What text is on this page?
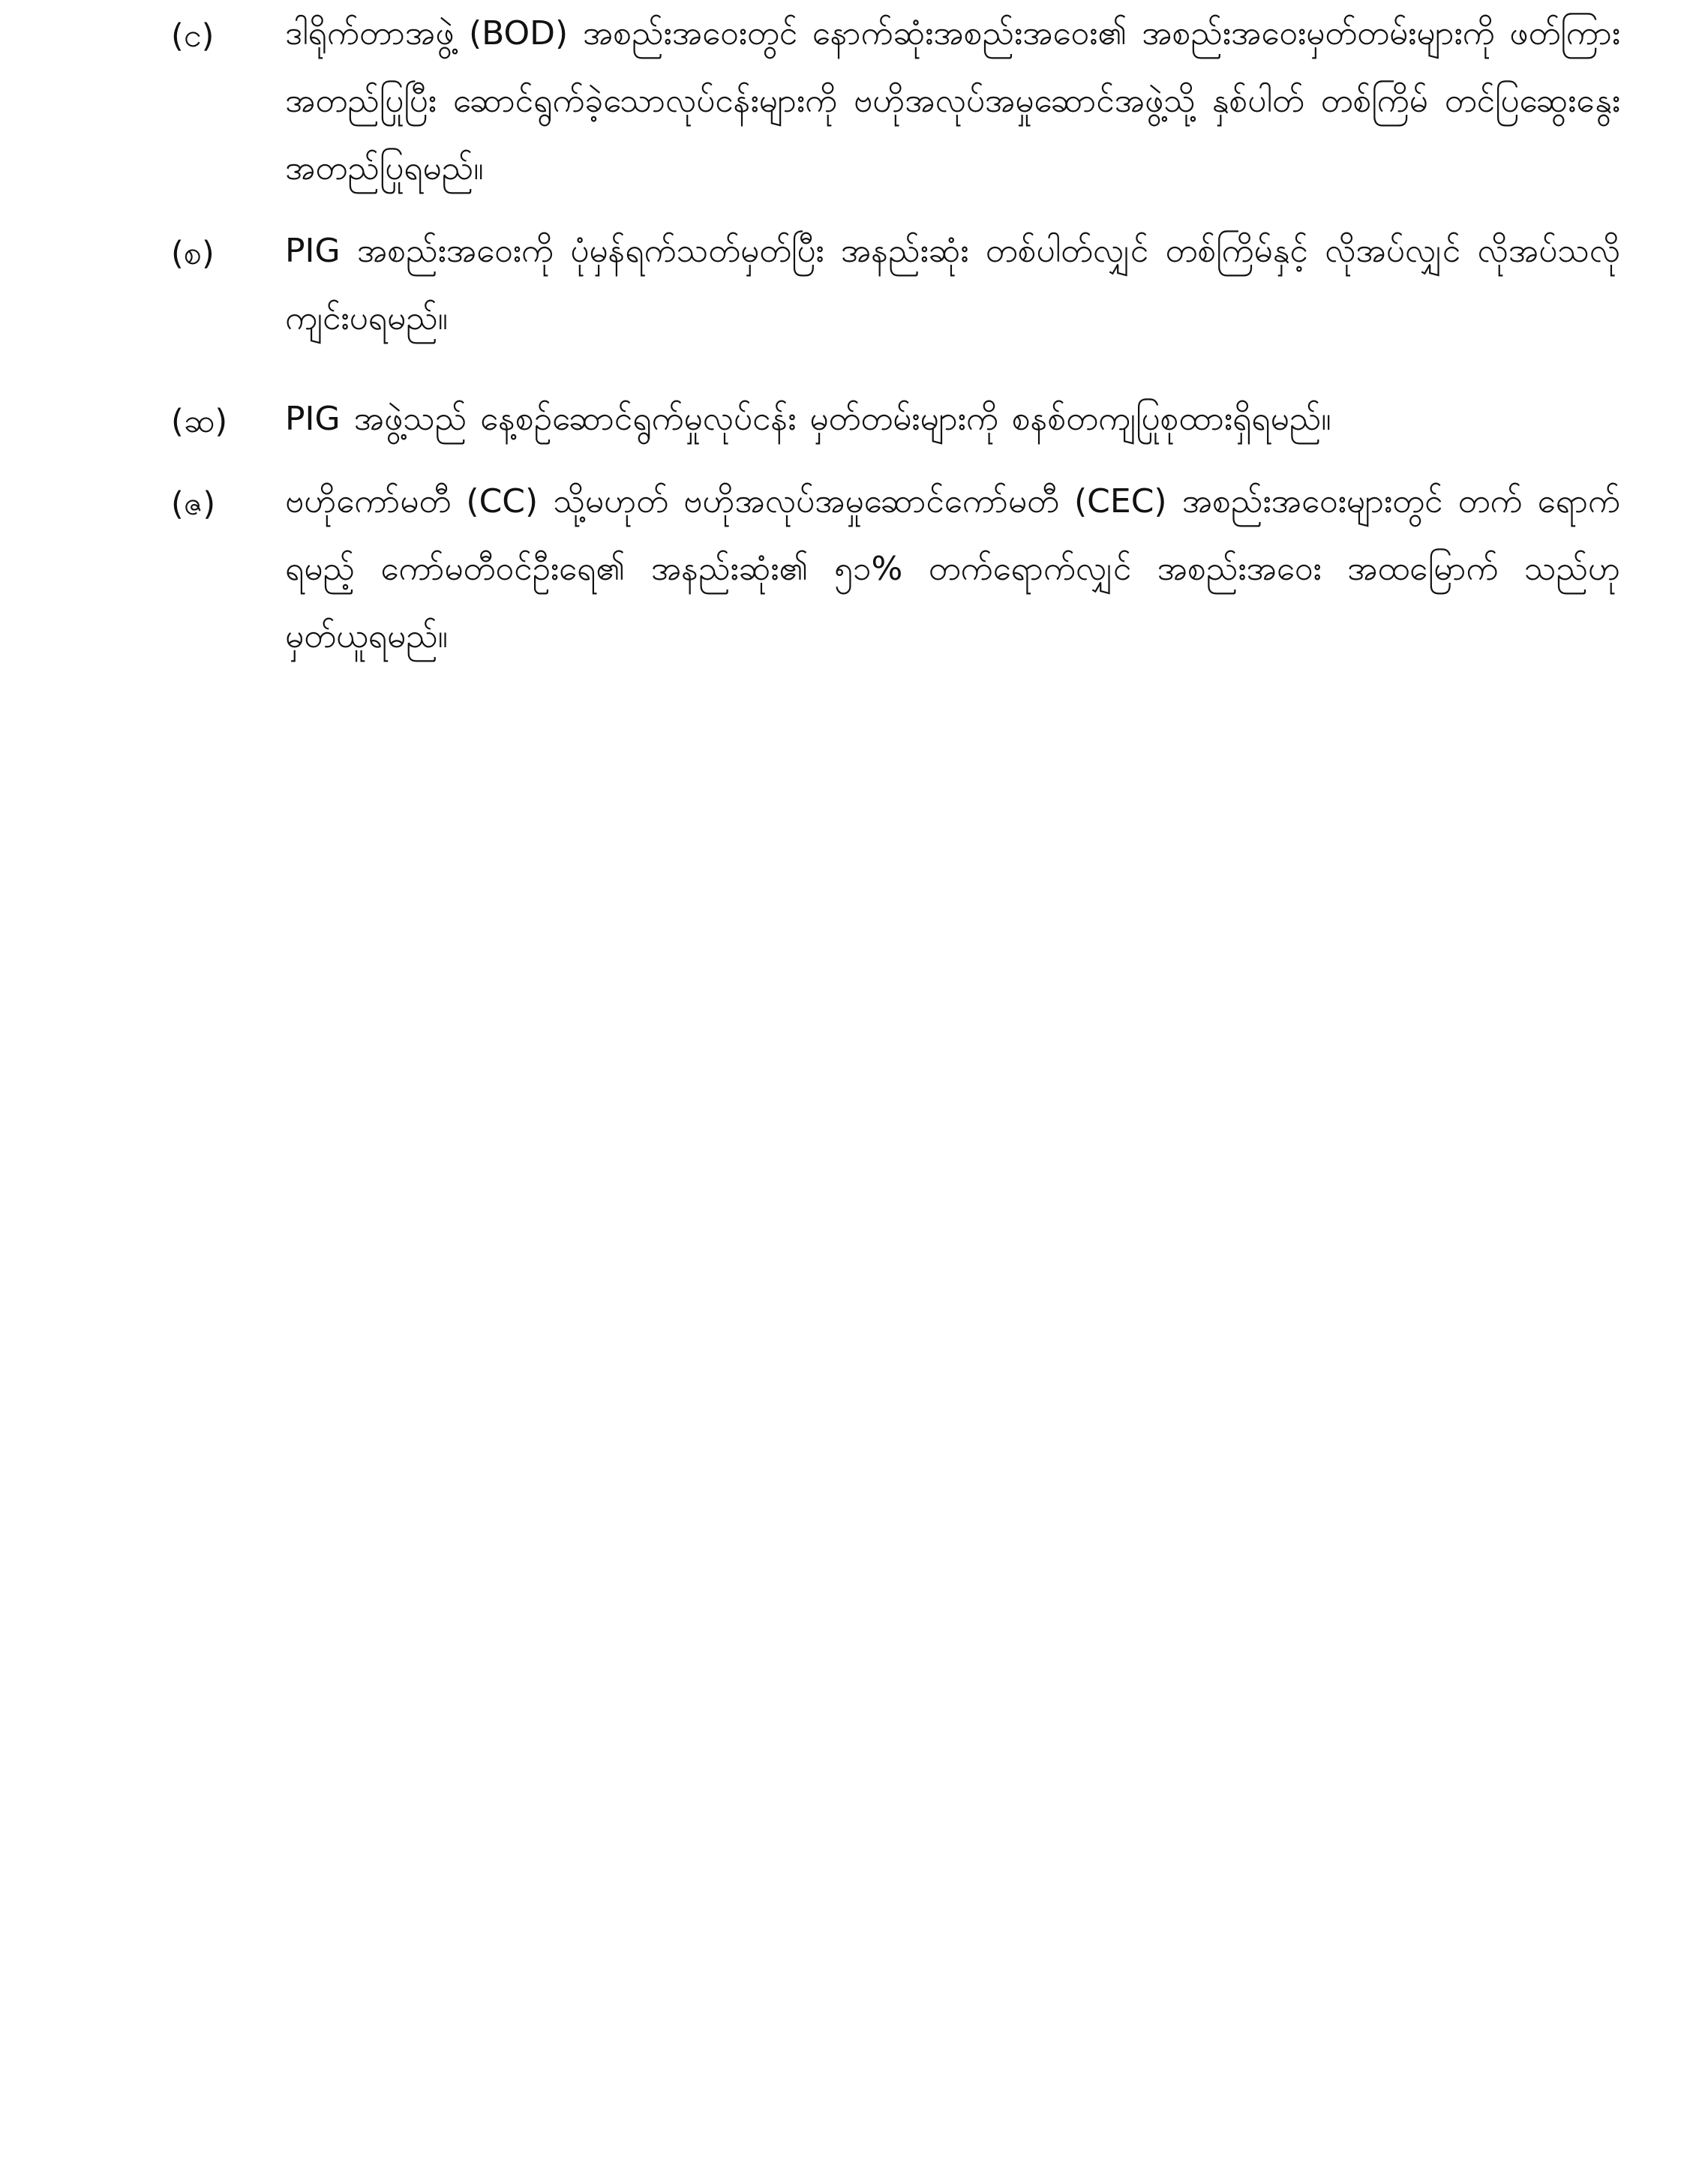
(င)	ဒါရိုက်တာအဖွဲ့ (BOD) အစည်းအဝေးတွင် နောက်ဆုံးအစည်းအဝေး၏ အစည်းအဝေးမှတ်တမ်းများကို ဖတ်ကြားအတည်ပြုပြီး ဆောင်ရွက်ခဲ့သောလုပ်ငန်းများကို ဗဟိုအလုပ်အမှုဆောင်အဖွဲ့သို့ နှစ်ပါတ် တစ်ကြိမ် တင်ပြဆွေးနွေးအတည်ပြုရမည်။
(စ)	PIG အစည်းအဝေးကို ပုံမှန်ရက်သတ်မှတ်ပြီး အနည်းဆုံး တစ်ပါတ်လျှင် တစ်ကြိမ်နှင့် လိုအပ်လျှင် လိုအပ်သလို ကျင်းပရမည်။
(ဆ)	PIG အဖွဲ့သည် နေ့စဉ်ဆောင်ရွက်မှုလုပ်ငန်း မှတ်တမ်းများကို စနစ်တကျပြုစုထားရှိရမည်။
(ဇ)	ဗဟိုကော်မတီ (CC) သို့မဟုတ် ဗဟိုအလုပ်အမှုဆောင်ကော်မတီ (CEC) အစည်းအဝေးများတွင် တက် ရောက်ရမည့် ကော်မတီဝင်ဦးရေ၏ အနည်းဆုံး၏ ၅၁% တက်ရောက်လျှင် အစည်းအဝေး အထမြောက် သည်ဟု မှတ်ယူရမည်။
